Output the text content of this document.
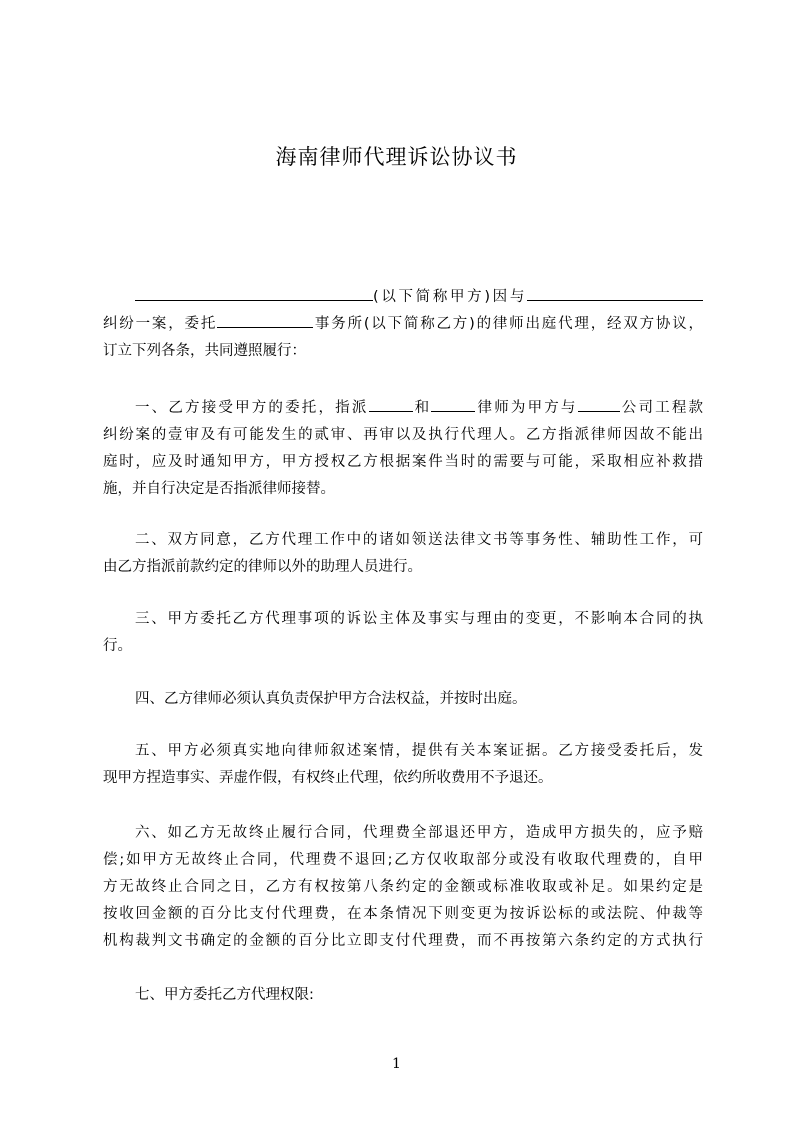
海南律师代理诉讼协议书
(以下简称甲方)因与
纠纷一案，委托	事务所(以下简称乙方)的律师出庭代理，经双方协议，
订立下列各条，共同遵照履行：
一、乙方接受甲方的委托，指派	和	律师为甲方与	公司工程款
纠纷案的壹审及有可能发生的贰审、再审以及执行代理人。乙方指派律师因故不能出
庭时，应及时通知甲方，甲方授权乙方根据案件当时的需要与可能，采取相应补救措
施，并自行决定是否指派律师接替。
二、双方同意，乙方代理工作中的诸如领送法律文书等事务性、辅助性工作，可
由乙方指派前款约定的律师以外的助理人员进行。
三、甲方委托乙方代理事项的诉讼主体及事实与理由的变更，不影响本合同的执
行。
四、乙方律师必须认真负责保护甲方合法权益，并按时出庭。
五、甲方必须真实地向律师叙述案情，提供有关本案证据。乙方接受委托后，发
现甲方捏造事实、弄虚作假，有权终止代理，依约所收费用不予退还。
六、如乙方无故终止履行合同，代理费全部退还甲方，造成甲方损失的，应予赔
偿;如甲方无故终止合同，代理费不退回;乙方仅收取部分或没有收取代理费的，自甲
方无故终止合同之日，乙方有权按第八条约定的金额或标准收取或补足。如果约定是
按收回金额的百分比支付代理费，在本条情况下则变更为按诉讼标的或法院、仲裁等
机构裁判文书确定的金额的百分比立即支付代理费，而不再按第六条约定的方式执行
七、甲方委托乙方代理权限:
1
